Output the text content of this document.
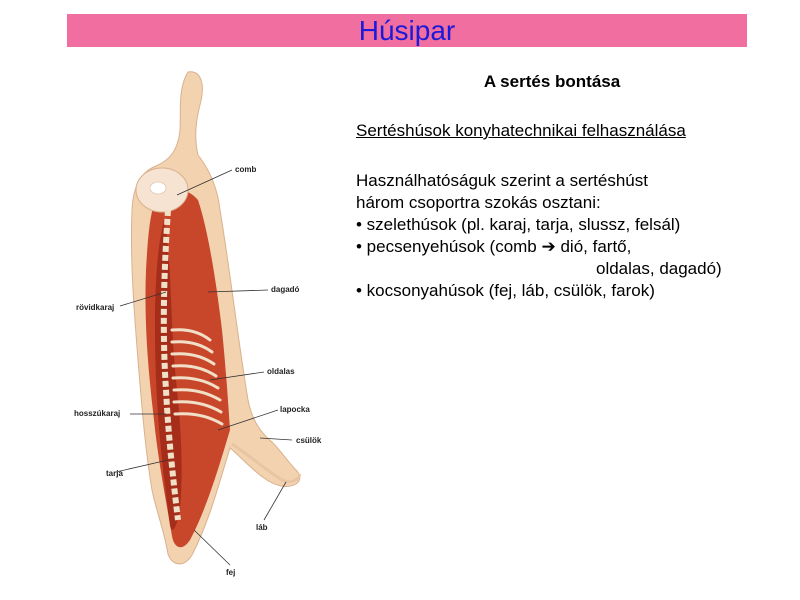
Húsipar
A sertés bontása
Sertéshúsok konyhatechnikai felhasználása
Használhatóságuk szerint a sertéshúst
három csoportra szokás osztani:
• szelethúsok (pl. karaj, tarja, slussz, felsál)
• pecsenyehúsok (comb ➔ dió, fartő,
oldalas, dagadó)
• kocsonyahúsok (fej, láb, csülök, farok)
comb
dagadó
rövidkaraj
oldalas
lapocka
hosszúkaraj
csülök
tarja
láb
fej
